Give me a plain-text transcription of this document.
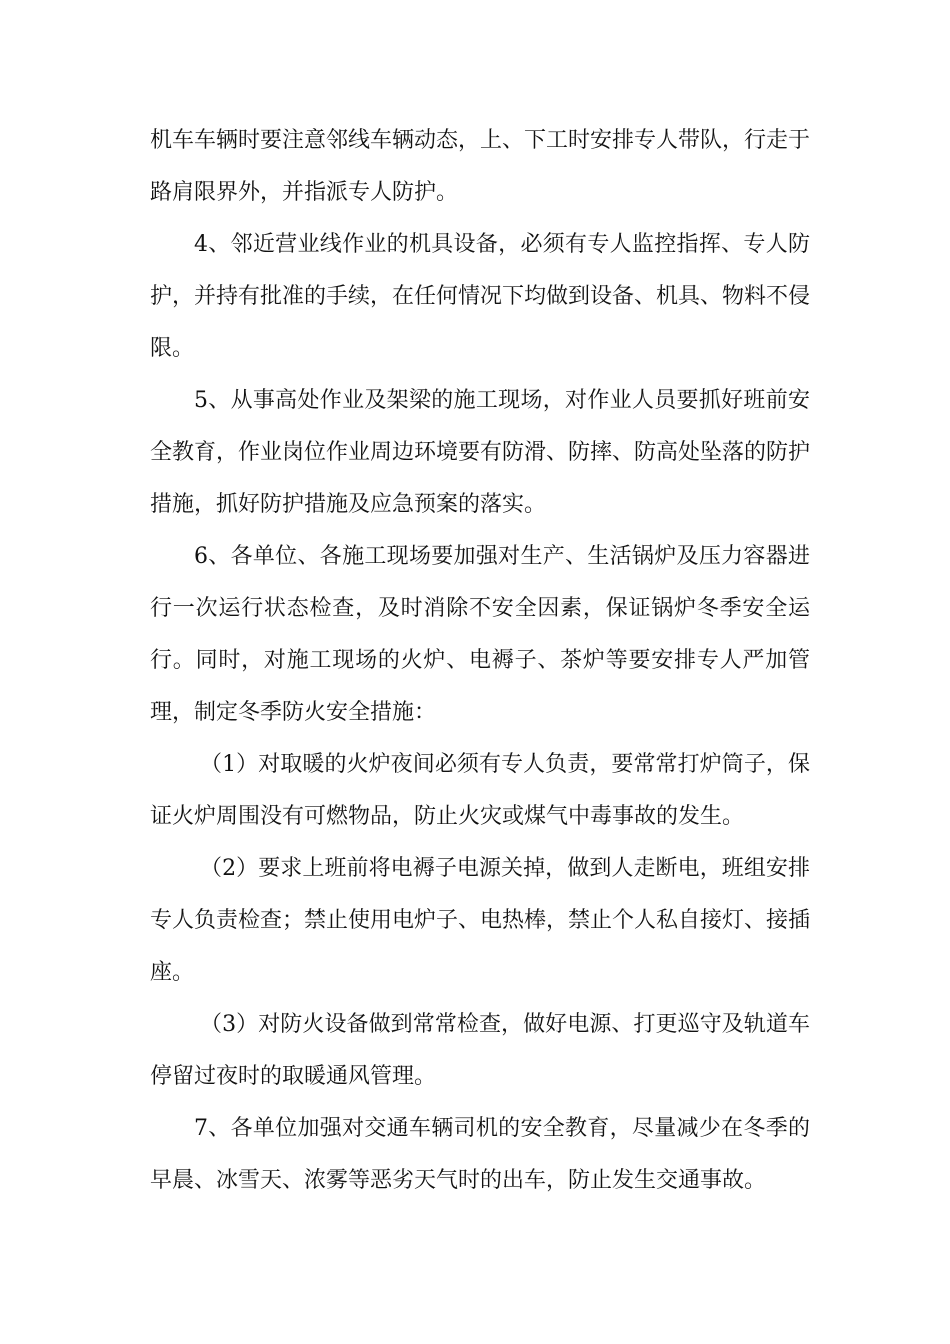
机车车辆时要注意邻线车辆动态，上、下工时安排专人带队，行走于路肩限界外，并指派专人防护。

4、邻近营业线作业的机具设备，必须有专人监控指挥、专人防护，并持有批准的手续，在任何情况下均做到设备、机具、物料不侵限。

5、从事高处作业及架梁的施工现场，对作业人员要抓好班前安全教育，作业岗位作业周边环境要有防滑、防摔、防高处坠落的防护措施，抓好防护措施及应急预案的落实。

6、各单位、各施工现场要加强对生产、生活锅炉及压力容器进行一次运行状态检查，及时消除不安全因素，保证锅炉冬季安全运行。同时，对施工现场的火炉、电褥子、茶炉等要安排专人严加管理，制定冬季防火安全措施：

（1）对取暖的火炉夜间必须有专人负责，要常常打炉筒子，保证火炉周围没有可燃物品，防止火灾或煤气中毒事故的发生。

（2）要求上班前将电褥子电源关掉，做到人走断电，班组安排专人负责检查；禁止使用电炉子、电热棒，禁止个人私自接灯、接插座。

（3）对防火设备做到常常检查，做好电源、打更巡守及轨道车停留过夜时的取暖通风管理。

7、各单位加强对交通车辆司机的安全教育，尽量减少在冬季的早晨、冰雪天、浓雾等恶劣天气时的出车，防止发生交通事故。
